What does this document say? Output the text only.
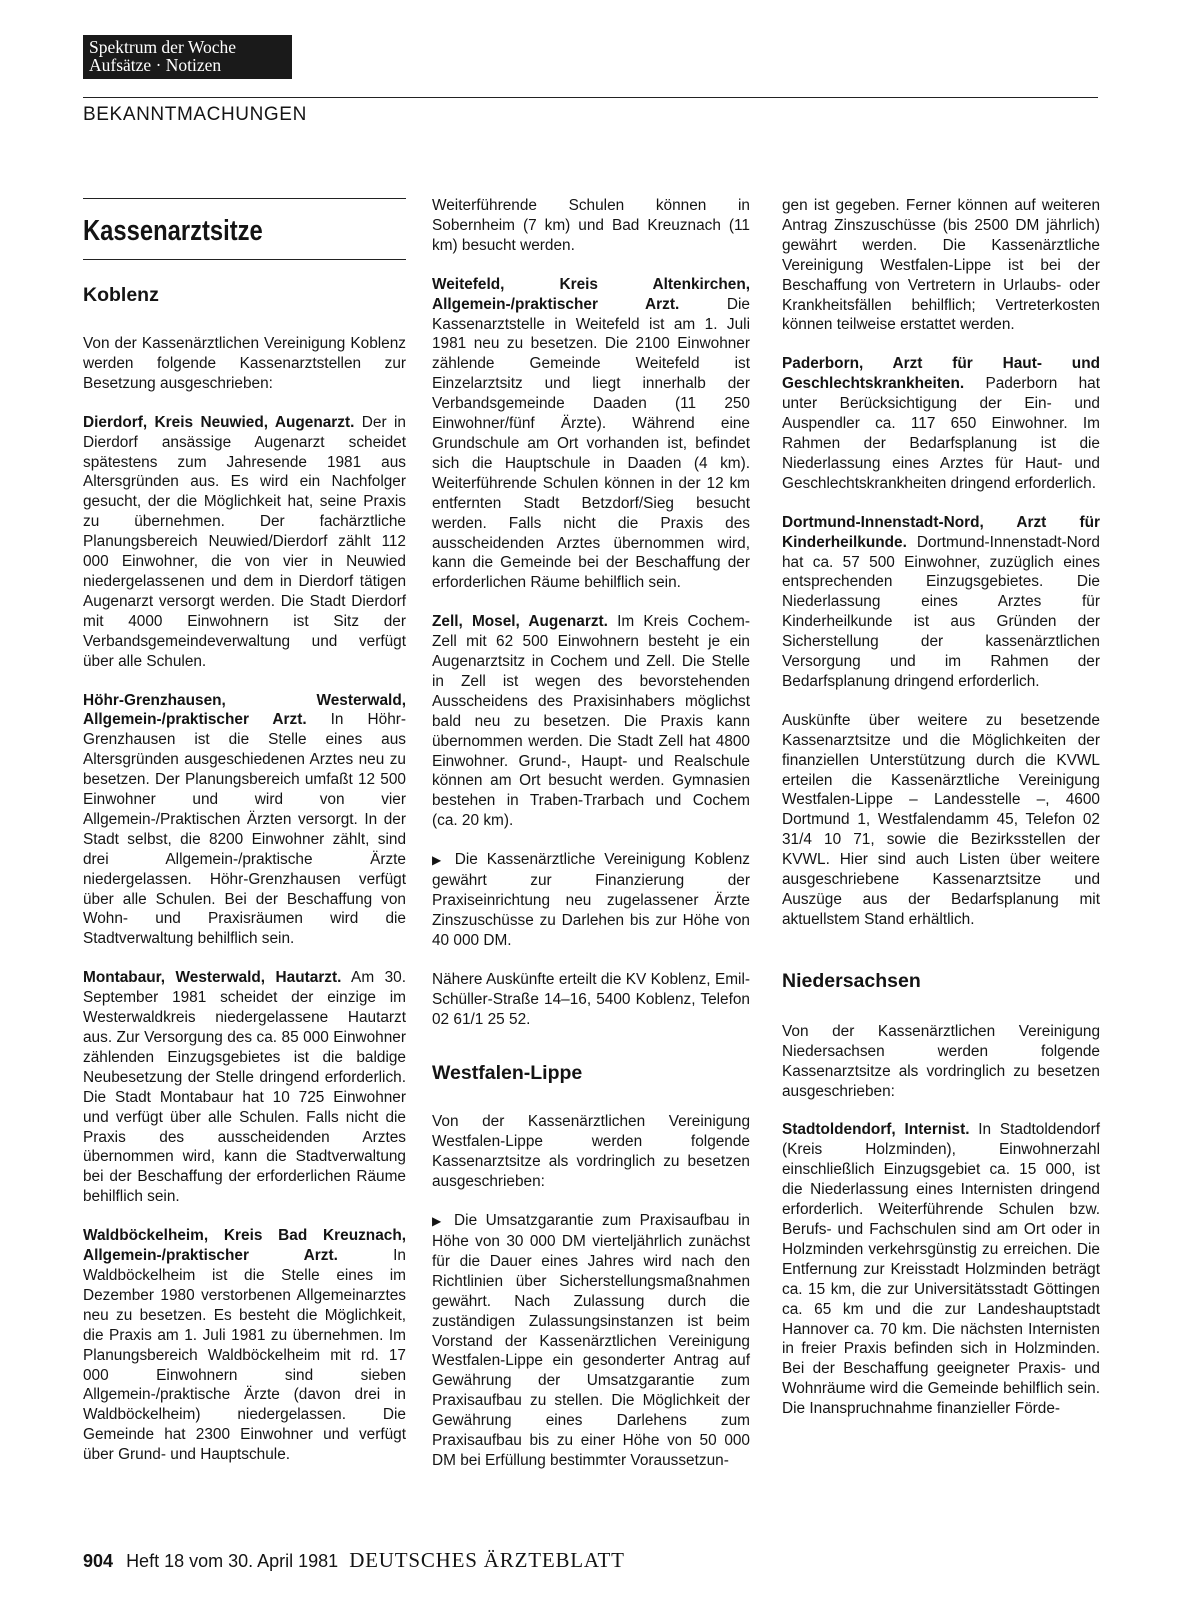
Spektrum der Woche
Aufsätze · Notizen
BEKANNTMACHUNGEN
Kassenarztsitze
Koblenz

Von der Kassenärztlichen Vereinigung Koblenz werden folgende Kassenarztstellen zur Besetzung ausgeschrieben:

Dierdorf, Kreis Neuwied, Augenarzt. Der in Dierdorf ansässige Augenarzt scheidet spätestens zum Jahresende 1981 aus Altersgründen aus. Es wird ein Nachfolger gesucht, der die Möglichkeit hat, seine Praxis zu übernehmen. Der fachärztliche Planungsbereich Neuwied/Dierdorf zählt 112 000 Einwohner, die von vier in Neuwied niedergelassenen und dem in Dierdorf tätigen Augenarzt versorgt werden. Die Stadt Dierdorf mit 4000 Einwohnern ist Sitz der Verbandsgemeindeverwaltung und verfügt über alle Schulen.

Höhr-Grenzhausen, Westerwald, Allgemein-/praktischer Arzt. In Höhr-Grenzhausen ist die Stelle eines aus Altersgründen ausgeschiedenen Arztes neu zu besetzen. Der Planungsbereich umfaßt 12 500 Einwohner und wird von vier Allgemein-/Praktischen Ärzten versorgt. In der Stadt selbst, die 8200 Einwohner zählt, sind drei Allgemein-/praktische Ärzte niedergelassen. Höhr-Grenzhausen verfügt über alle Schulen. Bei der Beschaffung von Wohn- und Praxisräumen wird die Stadtverwaltung behilflich sein.

Montabaur, Westerwald, Hautarzt. Am 30. September 1981 scheidet der einzige im Westerwaldkreis niedergelassene Hautarzt aus. Zur Versorgung des ca. 85 000 Einwohner zählenden Einzugsgebietes ist die baldige Neubesetzung der Stelle dringend erforderlich. Die Stadt Montabaur hat 10 725 Einwohner und verfügt über alle Schulen. Falls nicht die Praxis des ausscheidenden Arztes übernommen wird, kann die Stadtverwaltung bei der Beschaffung der erforderlichen Räume behilflich sein.

Waldböckelheim, Kreis Bad Kreuznach, Allgemein-/praktischer Arzt. In Waldböckelheim ist die Stelle eines im Dezember 1980 verstorbenen Allgemeinarztes neu zu besetzen. Es besteht die Möglichkeit, die Praxis am 1. Juli 1981 zu übernehmen. Im Planungsbereich Waldböckelheim mit rd. 17 000 Einwohnern sind sieben Allgemein-/praktische Ärzte (davon drei in Waldböckelheim) niedergelassen. Die Gemeinde hat 2300 Einwohner und verfügt über Grund- und Hauptschule.

Weiterführende Schulen können in Sobernheim (7 km) und Bad Kreuznach (11 km) besucht werden.

Weitefeld, Kreis Altenkirchen, Allgemein-/praktischer Arzt. Die Kassenarztstelle in Weitefeld ist am 1. Juli 1981 neu zu besetzen. Die 2100 Einwohner zählende Gemeinde Weitefeld ist Einzelarztsitz und liegt innerhalb der Verbandsgemeinde Daaden (11 250 Einwohner/fünf Ärzte). Während eine Grundschule am Ort vorhanden ist, befindet sich die Hauptschule in Daaden (4 km). Weiterführende Schulen können in der 12 km entfernten Stadt Betzdorf/Sieg besucht werden. Falls nicht die Praxis des ausscheidenden Arztes übernommen wird, kann die Gemeinde bei der Beschaffung der erforderlichen Räume behilflich sein.

Zell, Mosel, Augenarzt. Im Kreis Cochem-Zell mit 62 500 Einwohnern besteht je ein Augenarztsitz in Cochem und Zell. Die Stelle in Zell ist wegen des bevorstehenden Ausscheidens des Praxisinhabers möglichst bald neu zu besetzen. Die Praxis kann übernommen werden. Die Stadt Zell hat 4800 Einwohner. Grund-, Haupt- und Realschule können am Ort besucht werden. Gymnasien bestehen in Traben-Trarbach und Cochem (ca. 20 km).

▶ Die Kassenärztliche Vereinigung Koblenz gewährt zur Finanzierung der Praxiseinrichtung neu zugelassener Ärzte Zinszuschüsse zu Darlehen bis zur Höhe von 40 000 DM.

Nähere Auskünfte erteilt die KV Koblenz, Emil-Schüller-Straße 14–16, 5400 Koblenz, Telefon 02 61/1 25 52.

Westfalen-Lippe

Von der Kassenärztlichen Vereinigung Westfalen-Lippe werden folgende Kassenarztsitze als vordringlich zu besetzen ausgeschrieben:

▶ Die Umsatzgarantie zum Praxisaufbau in Höhe von 30 000 DM vierteljährlich zunächst für die Dauer eines Jahres wird nach den Richtlinien über Sicherstellungsmaßnahmen gewährt. Nach Zulassung durch die zuständigen Zulassungsinstanzen ist beim Vorstand der Kassenärztlichen Vereinigung Westfalen-Lippe ein gesonderter Antrag auf Gewährung der Umsatzgarantie zum Praxisaufbau zu stellen. Die Möglichkeit der Gewährung eines Darlehens zum Praxisaufbau bis zu einer Höhe von 50 000 DM bei Erfüllung bestimmter Voraussetzun-

gen ist gegeben. Ferner können auf weiteren Antrag Zinszuschüsse (bis 2500 DM jährlich) gewährt werden. Die Kassenärztliche Vereinigung Westfalen-Lippe ist bei der Beschaffung von Vertretern in Urlaubs- oder Krankheitsfällen behilflich; Vertreterkosten können teilweise erstattet werden.

Paderborn, Arzt für Haut- und Geschlechtskrankheiten. Paderborn hat unter Berücksichtigung der Ein- und Auspendler ca. 117 650 Einwohner. Im Rahmen der Bedarfsplanung ist die Niederlassung eines Arztes für Haut- und Geschlechtskrankheiten dringend erforderlich.

Dortmund-Innenstadt-Nord, Arzt für Kinderheilkunde. Dortmund-Innenstadt-Nord hat ca. 57 500 Einwohner, zuzüglich eines entsprechenden Einzugsgebietes. Die Niederlassung eines Arztes für Kinderheilkunde ist aus Gründen der Sicherstellung der kassenärztlichen Versorgung und im Rahmen der Bedarfsplanung dringend erforderlich.

Auskünfte über weitere zu besetzende Kassenarztsitze und die Möglichkeiten der finanziellen Unterstützung durch die KVWL erteilen die Kassenärztliche Vereinigung Westfalen-Lippe – Landesstelle –, 4600 Dortmund 1, Westfalendamm 45, Telefon 02 31/4 10 71, sowie die Bezirksstellen der KVWL. Hier sind auch Listen über weitere ausgeschriebene Kassenarztsitze und Auszüge aus der Bedarfsplanung mit aktuellstem Stand erhältlich.

Niedersachsen

Von der Kassenärztlichen Vereinigung Niedersachsen werden folgende Kassenarztsitze als vordringlich zu besetzen ausgeschrieben:

Stadtoldendorf, Internist. In Stadtoldendorf (Kreis Holzminden), Einwohnerzahl einschließlich Einzugsgebiet ca. 15 000, ist die Niederlassung eines Internisten dringend erforderlich. Weiterführende Schulen bzw. Berufs- und Fachschulen sind am Ort oder in Holzminden verkehrsgünstig zu erreichen. Die Entfernung zur Kreisstadt Holzminden beträgt ca. 15 km, die zur Universitätsstadt Göttingen ca. 65 km und die zur Landeshauptstadt Hannover ca. 70 km. Die nächsten Internisten in freier Praxis befinden sich in Holzminden. Bei der Beschaffung geeigneter Praxis- und Wohnräume wird die Gemeinde behilflich sein. Die Inanspruchnahme finanzieller Förde-

904 Heft 18 vom 30. April 1981 DEUTSCHES ÄRZTEBLATT
